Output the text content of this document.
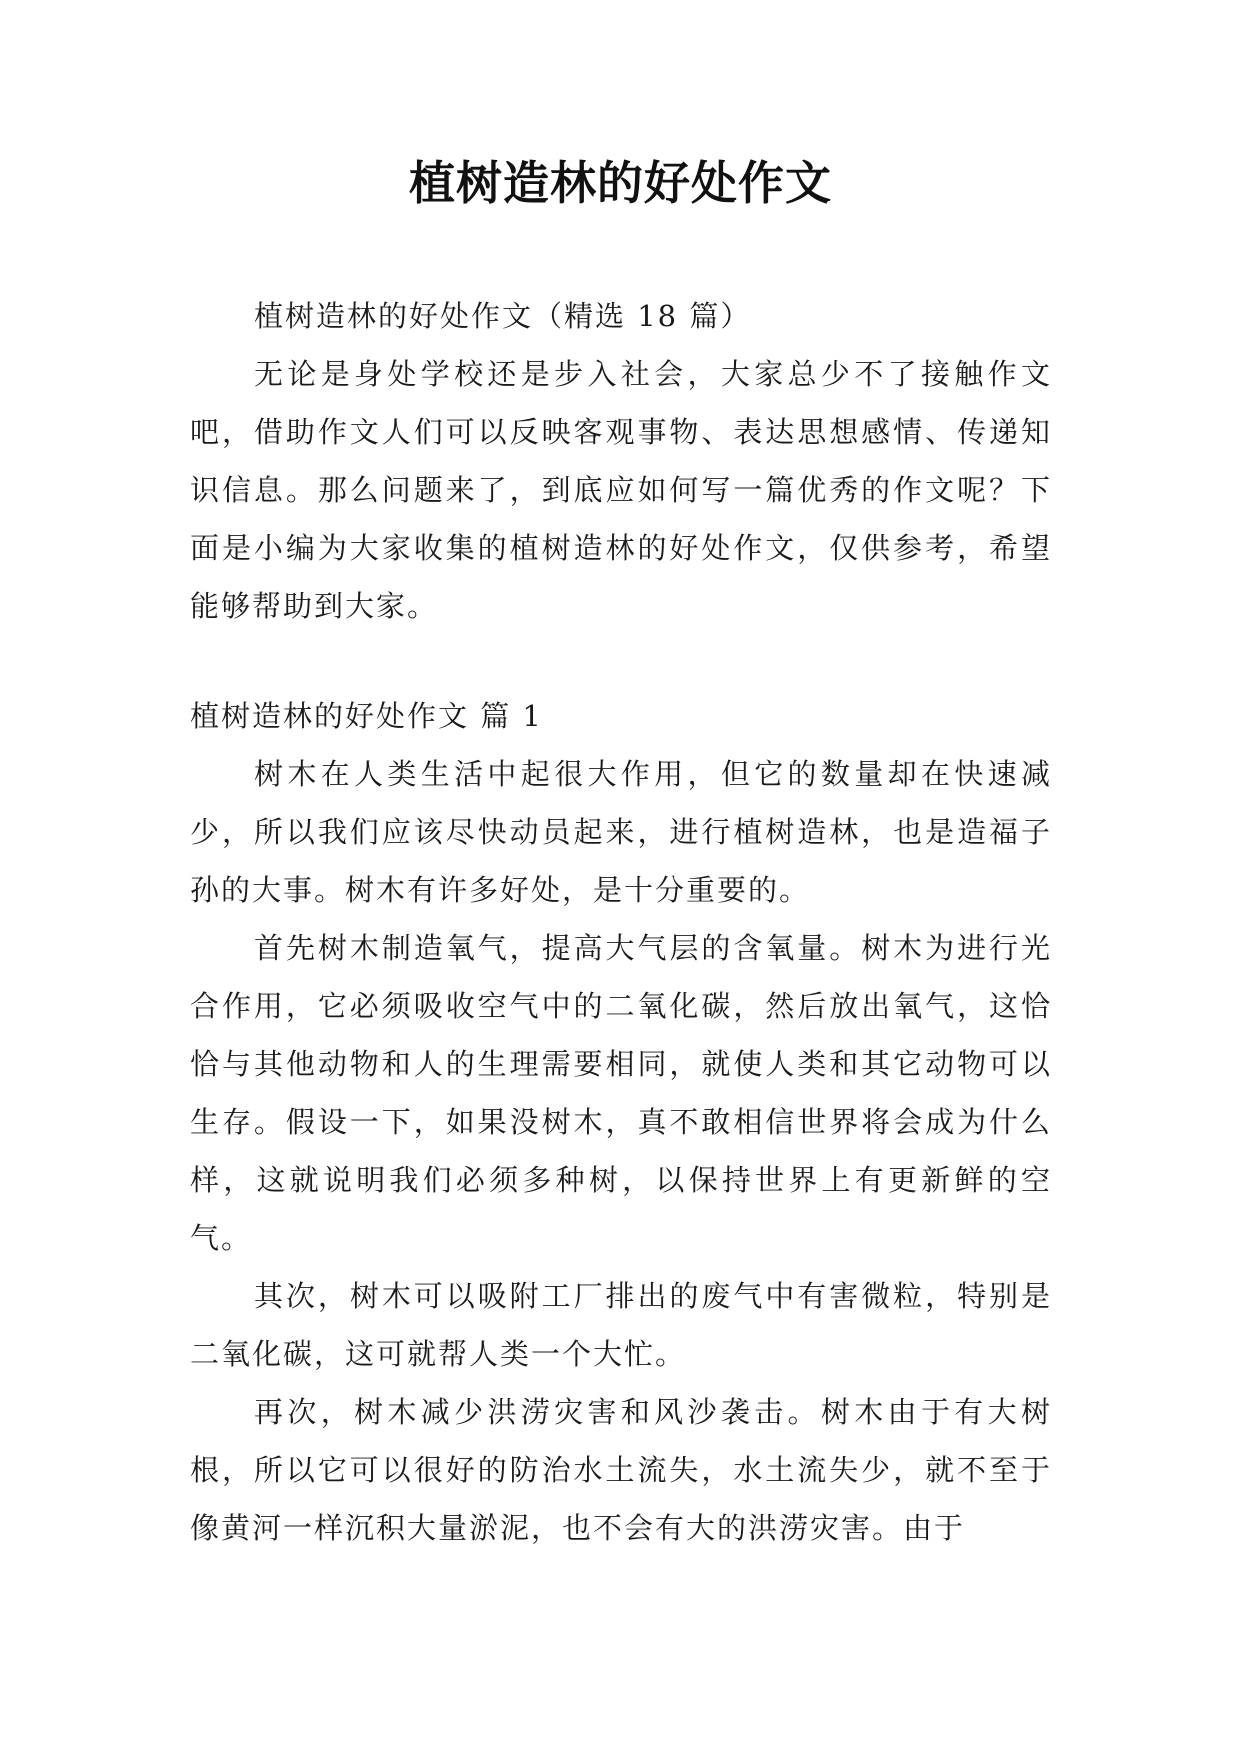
植树造林的好处作文

植树造林的好处作文（精选 18 篇）

无论是身处学校还是步入社会，大家总少不了接触作文吧，借助作文人们可以反映客观事物、表达思想感情、传递知识信息。那么问题来了，到底应如何写一篇优秀的作文呢？下面是小编为大家收集的植树造林的好处作文，仅供参考，希望能够帮助到大家。

植树造林的好处作文 篇 1

树木在人类生活中起很大作用，但它的数量却在快速减少，所以我们应该尽快动员起来，进行植树造林，也是造福子孙的大事。树木有许多好处，是十分重要的。

首先树木制造氧气，提高大气层的含氧量。树木为进行光合作用，它必须吸收空气中的二氧化碳，然后放出氧气，这恰恰与其他动物和人的生理需要相同，就使人类和其它动物可以生存。假设一下，如果没树木，真不敢相信世界将会成为什么样，这就说明我们必须多种树，以保持世界上有更新鲜的空气。

其次，树木可以吸附工厂排出的废气中有害微粒，特别是二氧化碳，这可就帮人类一个大忙。

再次，树木减少洪涝灾害和风沙袭击。树木由于有大树根，所以它可以很好的防治水土流失，水土流失少，就不至于像黄河一样沉积大量淤泥，也不会有大的洪涝灾害。由于
